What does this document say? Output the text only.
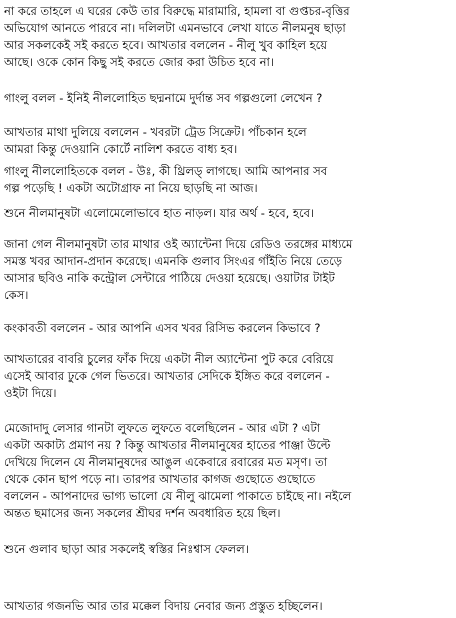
না করে তাহলে এ ঘরের কেউ তার বিরুদ্ধে মারামারি, হামলা বা গুপ্তচর-বৃত্তির
অভিযোগ আনতে পারবে না। দলিলটা এমনভাবে লেখা যাতে নীলমনুষ ছাড়া
আর সকলকেই সই করতে হবে। আখতার বললেন - নীলু খুব কাহিল হয়ে
আছে। ওকে কোন কিছু সই করতে জোর করা উচিত হবে না।
গাংলু বলল - ইনিই নীললোহিত ছদ্মনামে দুর্দান্ত সব গল্পগুলো লেখেন ?
আখতার মাথা দুলিয়ে বললেন - খবরটা ট্রেড সিক্রেট। পাঁচকান হলে
আমরা কিন্তু দেওয়ানি কোর্টে নালিশ করতে বাধ্য হব।
গাংলু নীললোহিতকে বলল - উঃ, কী থ্রিলড্ লাগছে। আমি আপনার সব
গল্প পড়েছি ! একটা অটোগ্রাফ না নিয়ে ছাড়ছি না আজ।
শুনে নীলমানুষটা এলোমেলোভাবে হাত নাড়ল। যার অর্থ - হবে, হবে।
জানা গেল নীলমানুষটা তার মাথার ওই অ্যান্টেনা দিয়ে রেডিও তরঙ্গের মাধ্যমে
সমস্ত খবর আদান-প্রদান করেছে। এমনকি গুলাব সিংএর গাঁইতি নিয়ে তেড়ে
আসার ছবিও নাকি কন্ট্রোল সেন্টারে পাঠিয়ে দেওয়া হয়েছে। ওয়াটার টাইট
কেস।
কংকাবতী বললেন - আর আপনি এসব খবর রিসিভ করলেন কিভাবে ?
আখতারের বাবরি চুলের ফাঁক দিয়ে একটা নীল অ্যান্টেনা পুট করে বেরিয়ে
এসেই আবার ঢুকে গেল ভিতরে। আখতার সেদিকে ইঙ্গিত করে বললেন -
ওইটা দিয়ে।
মেজোদাদু লেসার গানটা লুফতে লুফতে বলেছিলেন - আর এটা ? এটা
একটা অকাট্য প্রমাণ নয় ? কিন্তু আখতার নীলমানুষের হাতের পাঞ্জা উল্টে
দেখিয়ে দিলেন যে নীলমানুষদের আঙুল একেবারে রবারের মত মসৃণ। তা
থেকে কোন ছাপ পড়ে না। তারপর আখতার কাগজ গুছোতে গুছোতে
বললেন - আপনাদের ভাগ্য ভালো যে নীলু ঝামেলা পাকাতে চাইছে না। নইলে
অন্তত ছমাসের জন্য সকলের শ্রীঘর দর্শন অবধারিত হয়ে ছিল।
শুনে গুলাব ছাড়া আর সকলেই স্বস্তির নিঃশ্বাস ফেলল।
আখতার গজনভি আর তার মক্কেল বিদায় নেবার জন্য প্রস্তুত হচ্ছিলেন।
